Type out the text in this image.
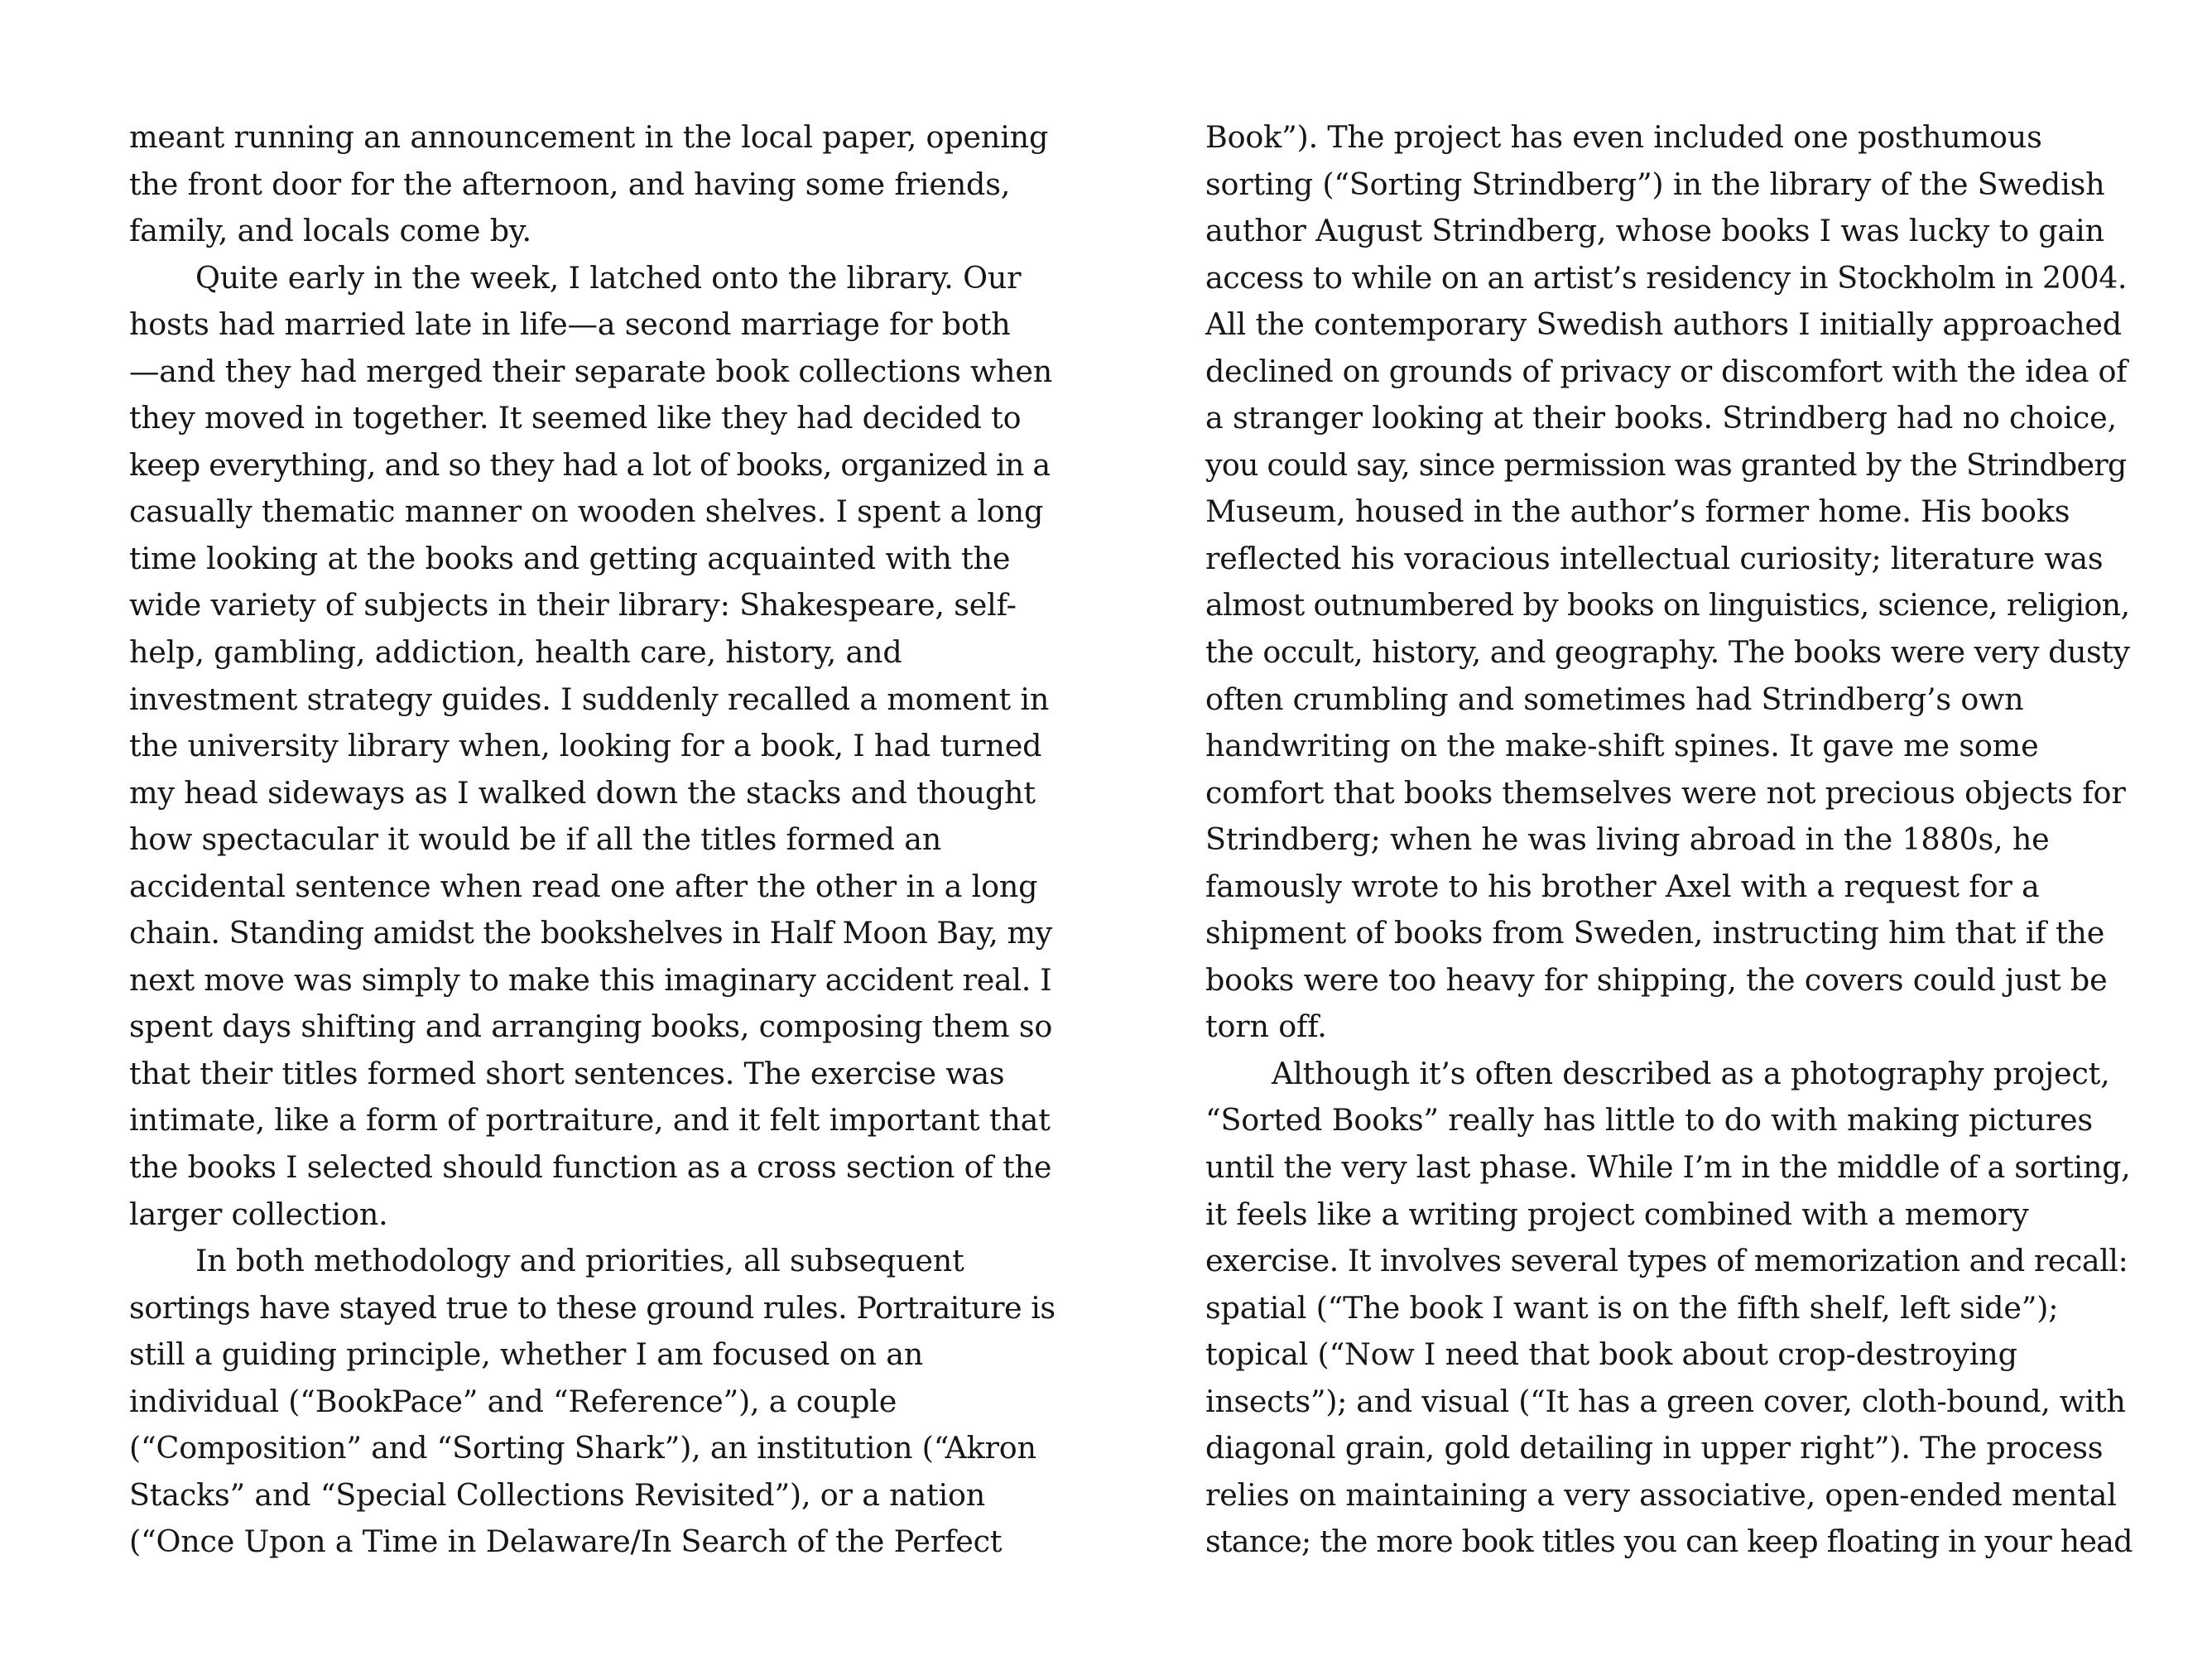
meant running an announcement in the local paper, opening
the front door for the afternoon, and having some friends,
family, and locals come by.
Quite early in the week, I latched onto the library. Our
hosts had married late in life—a second marriage for both
—and they had merged their separate book collections when
they moved in together. It seemed like they had decided to
keep everything, and so they had a lot of books, organized in a
casually thematic manner on wooden shelves. I spent a long
time looking at the books and getting acquainted with the
wide variety of subjects in their library: Shakespeare, self-
help, gambling, addiction, health care, history, and
investment strategy guides. I suddenly recalled a moment in
the university library when, looking for a book, I had turned
my head sideways as I walked down the stacks and thought
how spectacular it would be if all the titles formed an
accidental sentence when read one after the other in a long
chain. Standing amidst the bookshelves in Half Moon Bay, my
next move was simply to make this imaginary accident real. I
spent days shifting and arranging books, composing them so
that their titles formed short sentences. The exercise was
intimate, like a form of portraiture, and it felt important that
the books I selected should function as a cross section of the
larger collection.
In both methodology and priorities, all subsequent
sortings have stayed true to these ground rules. Portraiture is
still a guiding principle, whether I am focused on an
individual (“BookPace” and “Reference”), a couple
(“Composition” and “Sorting Shark”), an institution (“Akron
Stacks” and “Special Collections Revisited”), or a nation
(“Once Upon a Time in Delaware/In Search of the Perfect
Book”). The project has even included one posthumous
sorting (“Sorting Strindberg”) in the library of the Swedish
author August Strindberg, whose books I was lucky to gain
access to while on an artist’s residency in Stockholm in 2004.
All the contemporary Swedish authors I initially approached
declined on grounds of privacy or discomfort with the idea of
a stranger looking at their books. Strindberg had no choice,
you could say, since permission was granted by the Strindberg
Museum, housed in the author’s former home. His books
reflected his voracious intellectual curiosity; literature was
almost outnumbered by books on linguistics, science, religion,
the occult, history, and geography. The books were very dusty
often crumbling and sometimes had Strindberg’s own
handwriting on the make-shift spines. It gave me some
comfort that books themselves were not precious objects for
Strindberg; when he was living abroad in the 1880s, he
famously wrote to his brother Axel with a request for a
shipment of books from Sweden, instructing him that if the
books were too heavy for shipping, the covers could just be
torn off.
Although it’s often described as a photography project,
“Sorted Books” really has little to do with making pictures
until the very last phase. While I’m in the middle of a sorting,
it feels like a writing project combined with a memory
exercise. It involves several types of memorization and recall:
spatial (“The book I want is on the fifth shelf, left side”);
topical (“Now I need that book about crop-destroying
insects”); and visual (“It has a green cover, cloth-bound, with
diagonal grain, gold detailing in upper right”). The process
relies on maintaining a very associative, open-ended mental
stance; the more book titles you can keep floating in your head
